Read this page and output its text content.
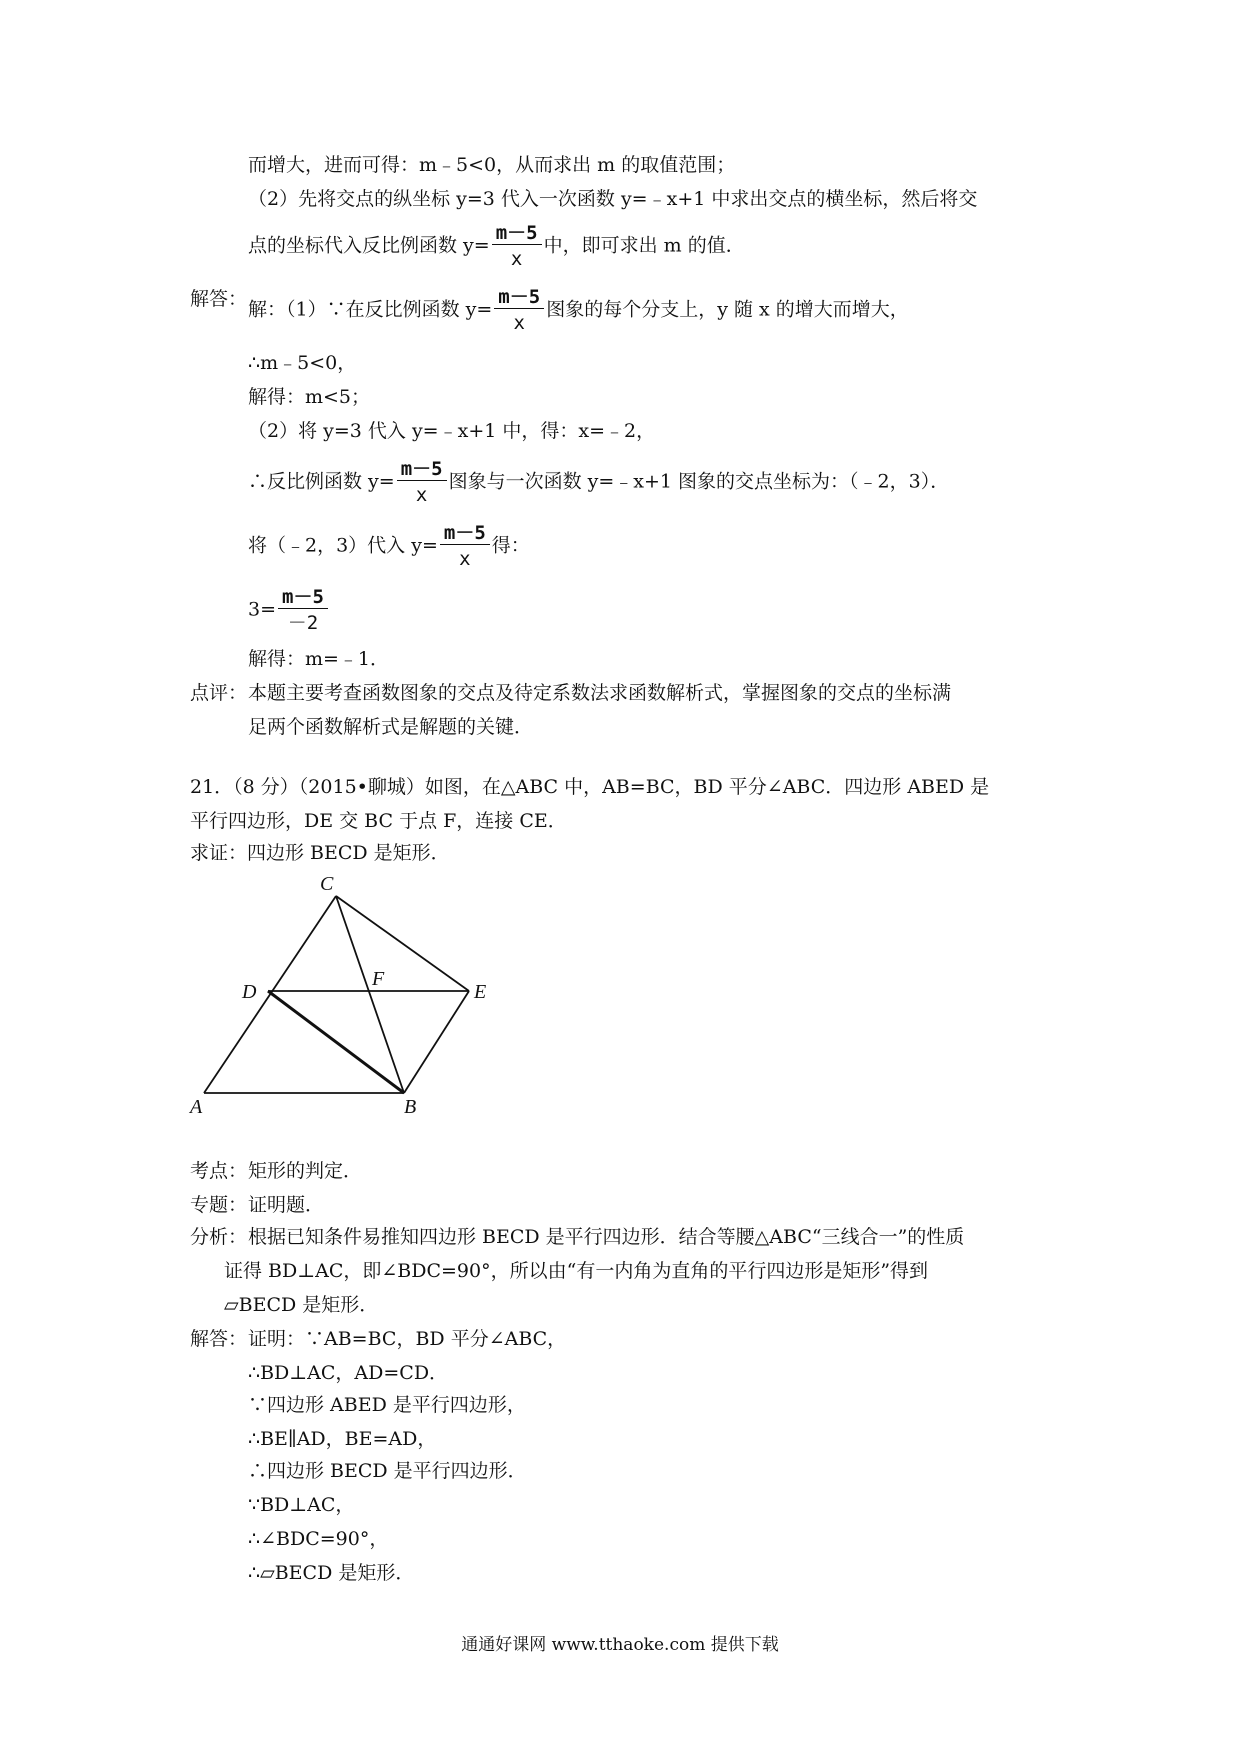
而增大，进而可得：m﹣5<0，从而求出 m 的取值范围；
（2）先将交点的纵坐标 y=3 代入一次函数 y=﹣x+1 中求出交点的横坐标，然后将交
点的坐标代入反比例函数 $y= \frac{m-5}{x}$ 中，即可求出 m 的值．
解答： 解：（1）∵在反比例函数 $y= \frac{m-5}{x}$ 图象的每个分支上，y 随 x 的增大而增大，
∴m﹣5<0，
解得：m<5；
（2）将 y=3 代入 y=﹣x+1 中，得：x=﹣2，
∴反比例函数 $y= \frac{m-5}{x}$ 图象与一次函数 y=﹣x+1 图象的交点坐标为：（﹣2，3）．
将（﹣2，3）代入 $y= \frac{m-5}{x}$ 得：
$3= \frac{m-5}{-2}$
解得：m=﹣1．
点评： 本题主要考查函数图象的交点及待定系数法求函数解析式，掌握图象的交点的坐标满
足两个函数解析式是解题的关键．
21．（8 分）（2015•聊城）如图，在△ABC 中，AB=BC，BD 平分∠ABC．四边形 ABED 是
平行四边形，DE 交 BC 于点 F，连接 CE．
求证：四边形 BECD 是矩形．
C
D
F
E
A	B
考点： 矩形的判定．
专题： 证明题．
分析： 根据已知条件易推知四边形 BECD 是平行四边形．结合等腰△ABC“三线合一”的性质
证得 BD⊥AC，即∠BDC=90°，所以由“有一内角为直角的平行四边形是矩形”得到
▱BECD 是矩形．
解答： 证明：∵AB=BC，BD 平分∠ABC，
∴BD⊥AC，AD=CD．
∵四边形 ABED 是平行四边形，
∴BE∥AD，BE=AD，
∴四边形 BECD 是平行四边形．
∵BD⊥AC，
∴∠BDC=90°，
∴▱BECD 是矩形．
通通好课网 www.tthaoke.com 提供下载
